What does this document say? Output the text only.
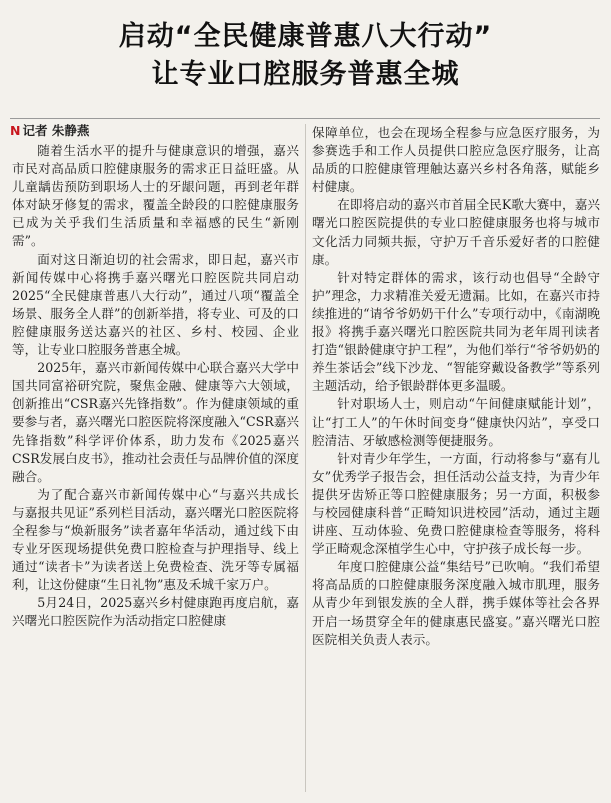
启动“全民健康普惠八大行动”
让专业口腔服务普惠全城
N 记者 朱静燕

随着生活水平的提升与健康意识的增强，嘉兴市民对高品质口腔健康服务的需求正日益旺盛。从儿童龋齿预防到职场人士的牙龈问题，再到老年群体对缺牙修复的需求，覆盖全龄段的口腔健康服务已成为关乎我们生活质量和幸福感的民生“新刚需”。

面对这日渐迫切的社会需求，即日起，嘉兴市新闻传媒中心将携手嘉兴曙光口腔医院共同启动2025“全民健康普惠八大行动”，通过八项“覆盖全场景、服务全人群”的创新举措，将专业、可及的口腔健康服务送达嘉兴的社区、乡村、校园、企业等，让专业口腔服务普惠全城。

2025年，嘉兴市新闻传媒中心联合嘉兴大学中国共同富裕研究院，聚焦金融、健康等六大领域，创新推出“CSR嘉兴先锋指数”。作为健康领域的重要参与者，嘉兴曙光口腔医院将深度融入“CSR嘉兴先锋指数”科学评价体系，助力发布《2025嘉兴CSR发展白皮书》，推动社会责任与品牌价值的深度融合。

为了配合嘉兴市新闻传媒中心“与嘉兴共成长 与嘉报共见证”系列栏目活动，嘉兴曙光口腔医院将全程参与“焕新服务”读者嘉年华活动，通过线下由专业牙医现场提供免费口腔检查与护理指导、线上通过“读者卡”为读者送上免费检查、洗牙等专属福利，让这份健康“生日礼物”惠及禾城千家万户。

5月24日，2025嘉兴乡村健康跑再度启航，嘉兴曙光口腔医院作为活动指定口腔健康

保障单位，也会在现场全程参与应急医疗服务，为参赛选手和工作人员提供口腔应急医疗服务，让高品质的口腔健康管理触达嘉兴乡村各角落，赋能乡村健康。

在即将启动的嘉兴市首届全民K歌大赛中，嘉兴曙光口腔医院提供的专业口腔健康服务也将与城市文化活力同频共振，守护万千音乐爱好者的口腔健康。

针对特定群体的需求，该行动也倡导“全龄守护”理念，力求精准关爱无遗漏。比如，在嘉兴市持续推进的“请爷爷奶奶干什么”专项行动中，《南湖晚报》将携手嘉兴曙光口腔医院共同为老年周刊读者打造“银龄健康守护工程”，为他们举行“爷爷奶奶的养生茶话会”线下沙龙、“智能穿戴设备教学”等系列主题活动，给予银龄群体更多温暖。

针对职场人士，则启动“午间健康赋能计划”，让“打工人”的午休时间变身“健康快闪站”，享受口腔清洁、牙敏感检测等便捷服务。

针对青少年学生，一方面，行动将参与“嘉有儿女”优秀学子报告会，担任活动公益支持，为青少年提供牙齿矫正等口腔健康服务；另一方面，积极参与校园健康科普“正畸知识进校园”活动，通过主题讲座、互动体验、免费口腔健康检查等服务，将科学正畸观念深植学生心中，守护孩子成长每一步。

年度口腔健康公益“集结号”已吹响。“我们希望将高品质的口腔健康服务深度融入城市肌理，服务从青少年到银发族的全人群，携手媒体等社会各界开启一场贯穿全年的健康惠民盛宴。”嘉兴曙光口腔医院相关负责人表示。
